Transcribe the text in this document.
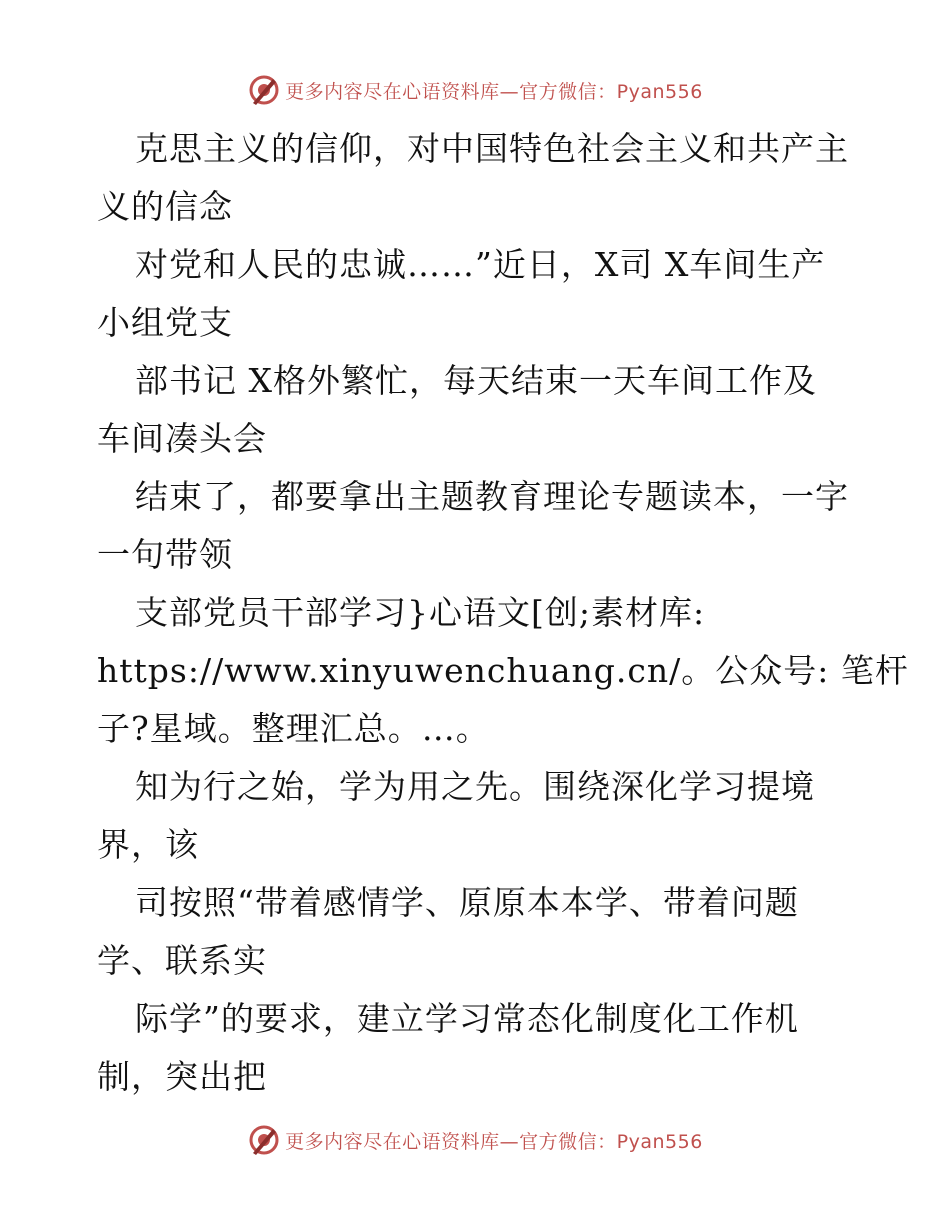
更多内容尽在心语资料库—官方微信：Pyan556
克思主义的信仰，对中国特色社会主义和共产主
义的信念
对党和人民的忠诚……”近日，X司 X车间生产
小组党支
部书记 X格外繁忙，每天结束一天车间工作及
车间凑头会
结束了，都要拿出主题教育理论专题读本，一字
一句带领
支部党员干部学习}心语文[创;素材库:
https://www.xinyuwenchuang.cn/。公众号: 笔杆
子?星域。整理汇总。…。
知为行之始，学为用之先。围绕深化学习提境
界，该
司按照“带着感情学、原原本本学、带着问题
学、联系实
际学”的要求，建立学习常态化制度化工作机
制，突出把
更多内容尽在心语资料库—官方微信：Pyan556
